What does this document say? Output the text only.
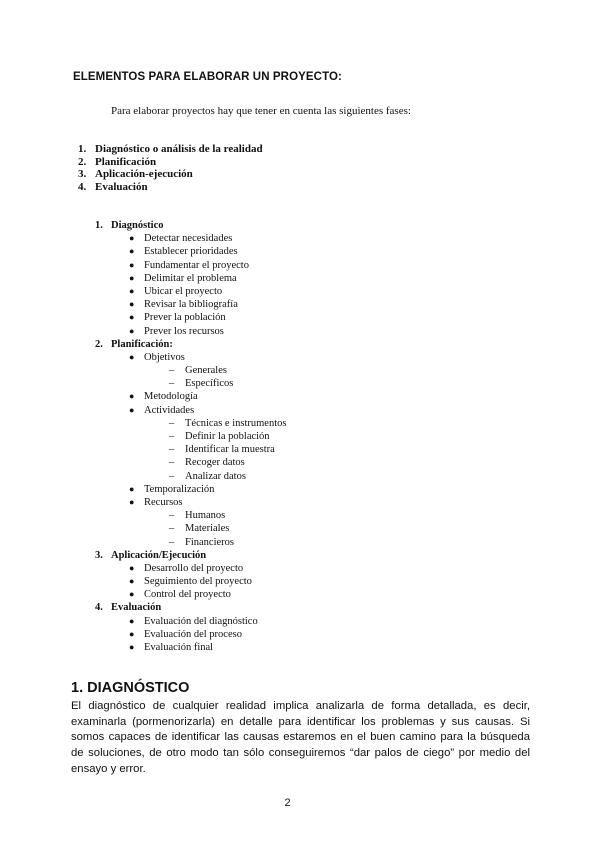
ELEMENTOS PARA ELABORAR UN PROYECTO:
Para elaborar proyectos hay que tener en cuenta las siguientes fases:
1. Diagnóstico o análisis de la realidad
2. Planificación
3. Aplicación-ejecución
4. Evaluación
1. Diagnóstico
● Detectar necesidades
● Establecer prioridades
● Fundamentar el proyecto
● Delimitar el problema
● Ubicar el proyecto
● Revisar la bibliografía
● Prever la población
● Prever los recursos
2. Planificación:
● Objetivos
– Generales
– Específicos
● Metodología
● Actividades
– Técnicas e instrumentos
– Definir la población
– Identificar la muestra
– Recoger datos
– Analizar datos
● Temporalización
● Recursos
– Humanos
– Materiales
– Financieros
3. Aplicación/Ejecución
● Desarrollo del proyecto
● Seguimiento del proyecto
● Control del proyecto
4. Evaluación
● Evaluación del diagnóstico
● Evaluación del proceso
● Evaluación final
1. DIAGNÓSTICO
El diagnóstico de cualquier realidad implica analizarla de forma detallada, es decir, examinarla (pormenorizarla) en detalle para identificar los problemas y sus causas. Si somos capaces de identificar las causas estaremos en el buen camino para la búsqueda de soluciones, de otro modo tan sólo conseguiremos “dar palos de ciego” por medio del ensayo y error.
2
